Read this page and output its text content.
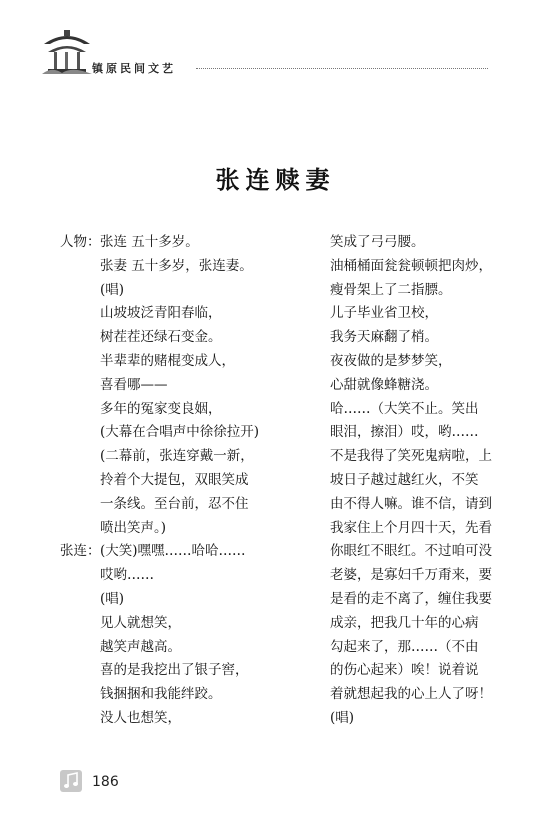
镇原民间文艺
张连赎妻
人物：张连 五十多岁。
张妻 五十多岁，张连妻。
(唱)
山坡坡泛青阳春临，
树茬茬还绿石变金。
半辈辈的赌棍变成人，
喜看哪——
多年的冤家变良姻，
(大幕在合唱声中徐徐拉开)
(二幕前，张连穿戴一新，
拎着个大提包，双眼笑成
一条线。至台前，忍不住
喷出笑声。)
张连：(大笑)嘿嘿……哈哈……
哎哟……
(唱)
见人就想笑，
越笑声越高。
喜的是我挖出了银子窖，
钱捆捆和我能绊跤。
没人也想笑，
笑成了弓弓腰。
油桶桶面瓮瓮顿顿把肉炒，
瘦骨架上了二指膘。
儿子毕业省卫校，
我务天麻翻了梢。
夜夜做的是梦梦笑，
心甜就像蜂糖浇。
哈……（大笑不止。笑出
眼泪，擦泪）哎，哟……
不是我得了笑死鬼病啦，上
坡日子越过越红火，不笑
由不得人嘛。谁不信，请到
我家住上个月四十天，先看
你眼红不眼红。不过咱可没
老婆，是寡妇千万甭来，要
是看的走不离了，缠住我要
成亲，把我几十年的心病
勾起来了，那……（不由
的伤心起来）唉！说着说
着就想起我的心上人了呀！
(唱)
186
